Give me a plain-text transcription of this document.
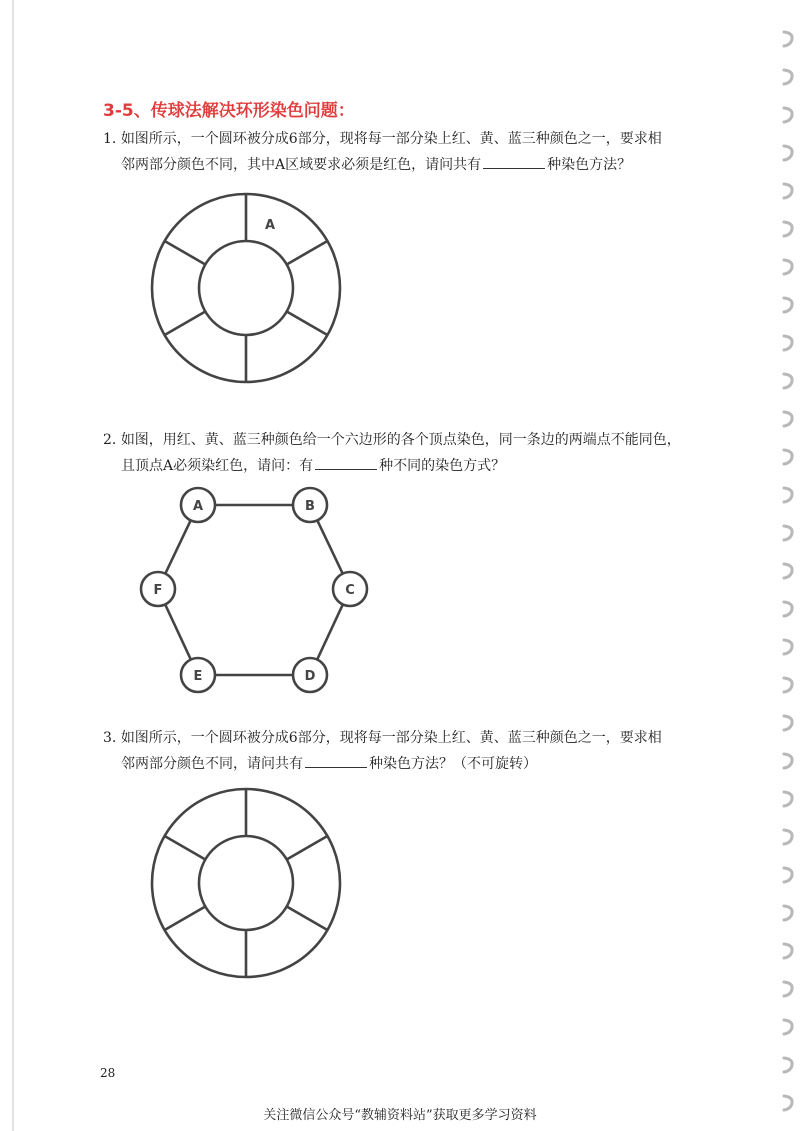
3-5、传球法解决环形染色问题：
1. 如图所示，一个圆环被分成6部分，现将每一部分染上红、黄、蓝三种颜色之一，要求相
邻两部分颜色不同，其中A区域要求必须是红色，请问共有	种染色方法？
A
2. 如图，用红、黄、蓝三种颜色给一个六边形的各个顶点染色，同一条边的两端点不能同色，
且顶点A必须染红色，请问：有	种不同的染色方式？
A	B
C
D
E
F
3. 如图所示，一个圆环被分成6部分，现将每一部分染上红、黄、蓝三种颜色之一，要求相
邻两部分颜色不同，请问共有	种染色方法？（不可旋转）

28

关注微信公众号“教辅资料站”获取更多学习资料
